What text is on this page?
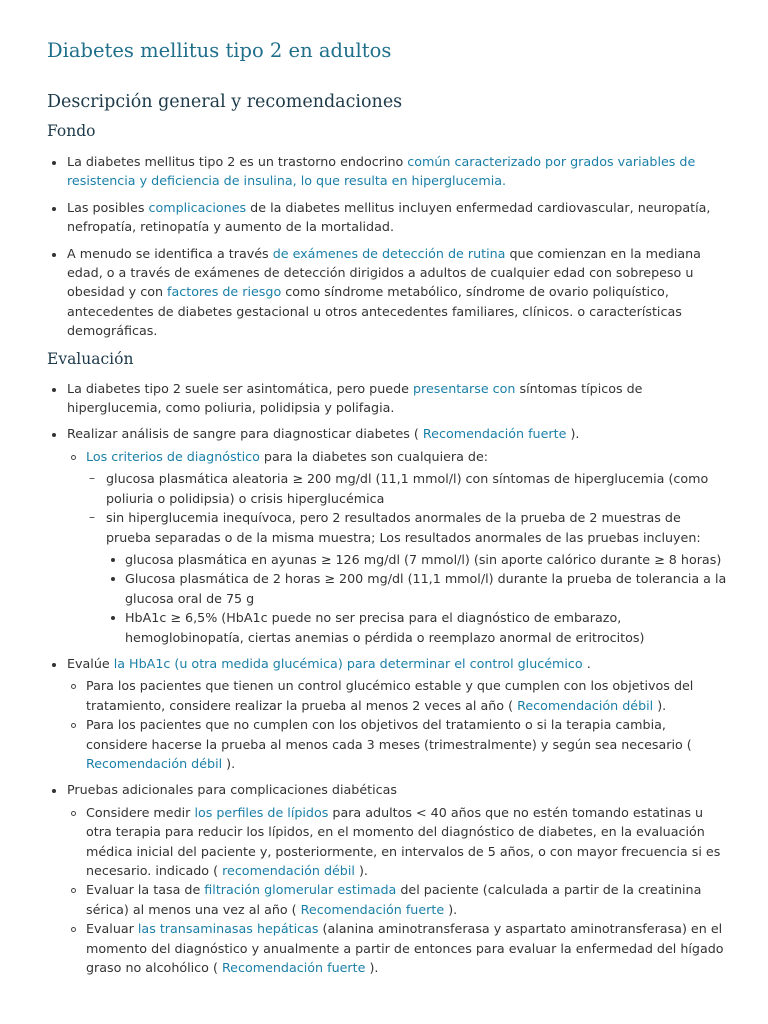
Diabetes mellitus tipo 2 en adultos
Descripción general y recomendaciones
Fondo
La diabetes mellitus tipo 2 es un trastorno endocrino común caracterizado por grados variables de resistencia y deficiencia de insulina, lo que resulta en hiperglucemia.
Las posibles complicaciones de la diabetes mellitus incluyen enfermedad cardiovascular, neuropatía, nefropatía, retinopatía y aumento de la mortalidad.
A menudo se identifica a través de exámenes de detección de rutina que comienzan en la mediana edad, o a través de exámenes de detección dirigidos a adultos de cualquier edad con sobrepeso u obesidad y con factores de riesgo como síndrome metabólico, síndrome de ovario poliquístico, antecedentes de diabetes gestacional u otros antecedentes familiares, clínicos. o características demográficas.
Evaluación
La diabetes tipo 2 suele ser asintomática, pero puede presentarse con síntomas típicos de hiperglucemia, como poliuria, polidipsia y polifagia.
Realizar análisis de sangre para diagnosticar diabetes ( Recomendación fuerte ).
Los criterios de diagnóstico para la diabetes son cualquiera de:
– glucosa plasmática aleatoria ≥ 200 mg/dl (11,1 mmol/l) con síntomas de hiperglucemia (como poliuria o polidipsia) o crisis hiperglucémica
– sin hiperglucemia inequívoca, pero 2 resultados anormales de la prueba de 2 muestras de prueba separadas o de la misma muestra; Los resultados anormales de las pruebas incluyen:
glucosa plasmática en ayunas ≥ 126 mg/dl (7 mmol/l) (sin aporte calórico durante ≥ 8 horas)
Glucosa plasmática de 2 horas ≥ 200 mg/dl (11,1 mmol/l) durante la prueba de tolerancia a la glucosa oral de 75 g
HbA1c ≥ 6,5% (HbA1c puede no ser precisa para el diagnóstico de embarazo, hemoglobinopatía, ciertas anemias o pérdida o reemplazo anormal de eritrocitos)
Evalúe la HbA1c (u otra medida glucémica) para determinar el control glucémico .
Para los pacientes que tienen un control glucémico estable y que cumplen con los objetivos del tratamiento, considere realizar la prueba al menos 2 veces al año ( Recomendación débil ).
Para los pacientes que no cumplen con los objetivos del tratamiento o si la terapia cambia, considere hacerse la prueba al menos cada 3 meses (trimestralmente) y según sea necesario ( Recomendación débil ).
Pruebas adicionales para complicaciones diabéticas
Considere medir los perfiles de lípidos para adultos < 40 años que no estén tomando estatinas u otra terapia para reducir los lípidos, en el momento del diagnóstico de diabetes, en la evaluación médica inicial del paciente y, posteriormente, en intervalos de 5 años, o con mayor frecuencia si es necesario. indicado ( recomendación débil ).
Evaluar la tasa de filtración glomerular estimada del paciente (calculada a partir de la creatinina sérica) al menos una vez al año ( Recomendación fuerte ).
Evaluar las transaminasas hepáticas (alanina aminotransferasa y aspartato aminotransferasa) en el momento del diagnóstico y anualmente a partir de entonces para evaluar la enfermedad del hígado graso no alcohólico ( Recomendación fuerte ).
